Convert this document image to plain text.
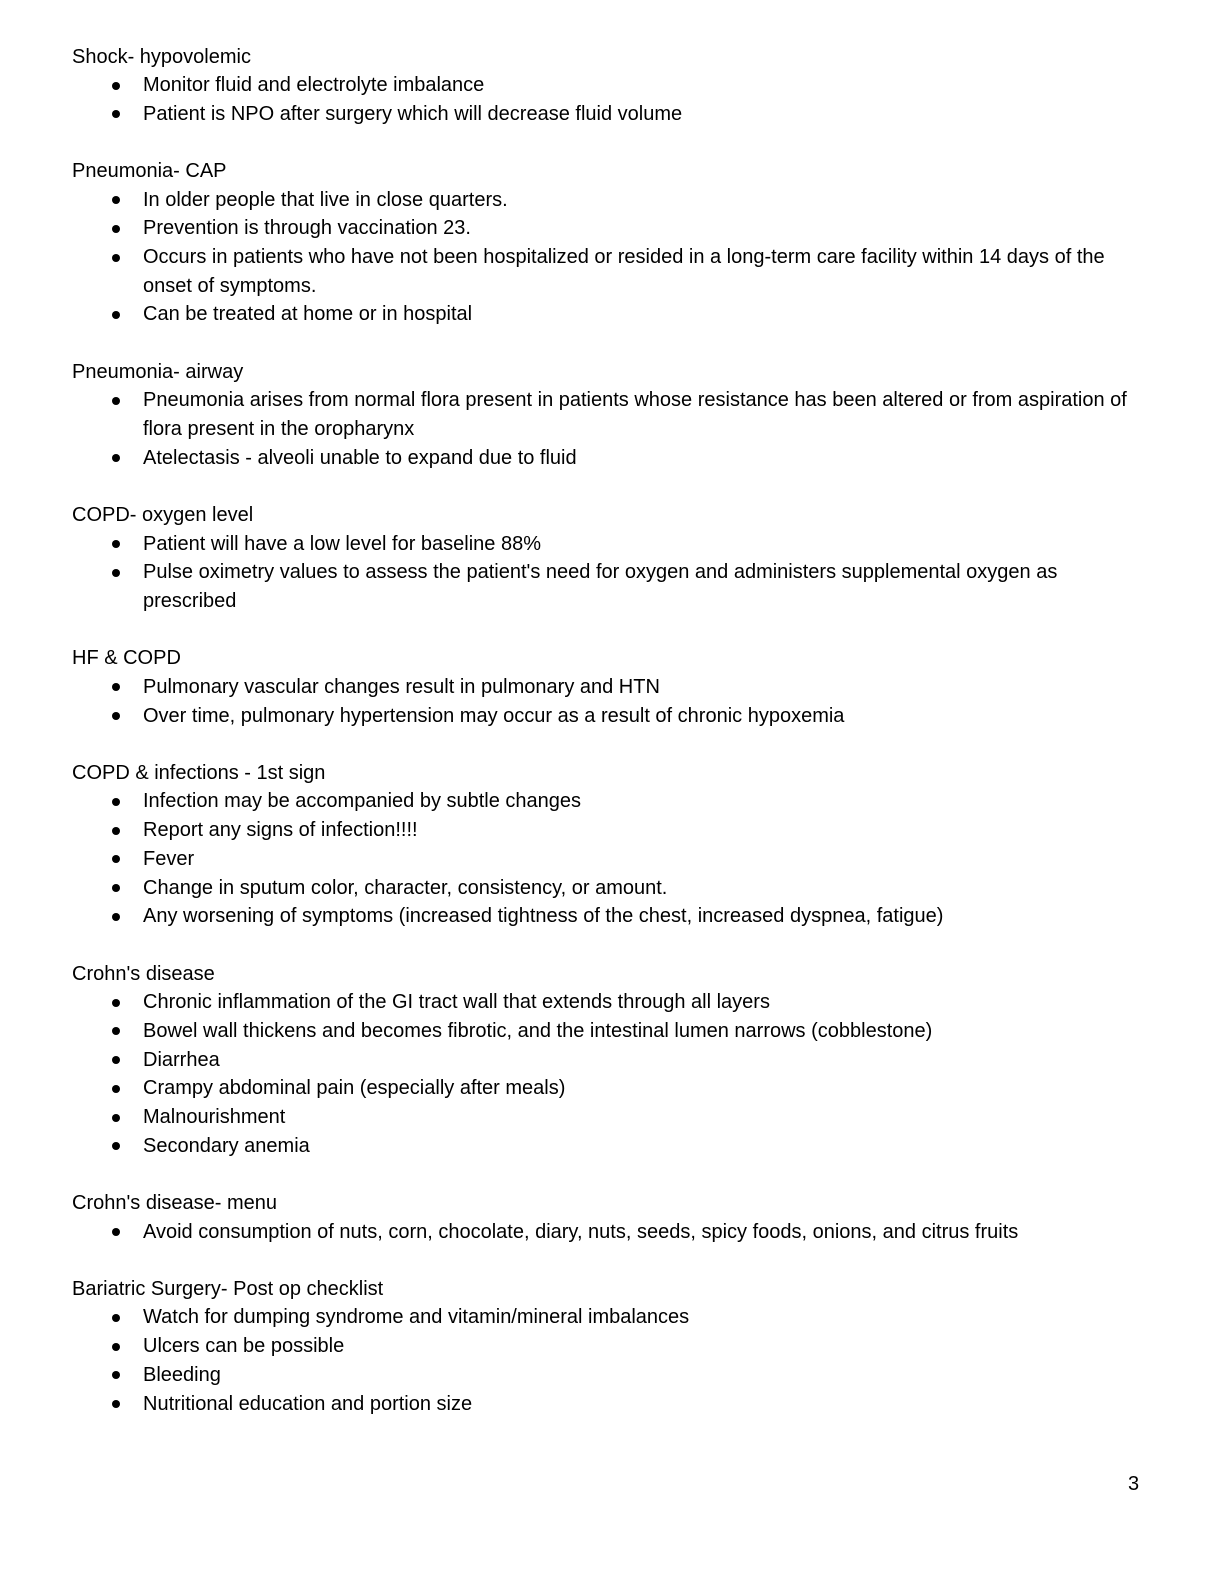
Shock- hypovolemic
Monitor fluid and electrolyte imbalance
Patient is NPO after surgery which will decrease fluid volume
Pneumonia- CAP
In older people that live in close quarters.
Prevention is through vaccination 23.
Occurs in patients who have not been hospitalized or resided in a long-term care facility within 14 days of the onset of symptoms.
Can be treated at home or in hospital
Pneumonia- airway
Pneumonia arises from normal flora present in patients whose resistance has been altered or from aspiration of flora present in the oropharynx
Atelectasis - alveoli unable to expand due to fluid
COPD- oxygen level
Patient will have a low level for baseline 88%
Pulse oximetry values to assess the patient's need for oxygen and administers supplemental oxygen as prescribed
HF & COPD
Pulmonary vascular changes result in pulmonary and HTN
Over time, pulmonary hypertension may occur as a result of chronic hypoxemia
COPD & infections - 1st sign
Infection may be accompanied by subtle changes
Report any signs of infection!!!!
Fever
Change in sputum color, character, consistency, or amount.
Any worsening of symptoms (increased tightness of the chest, increased dyspnea, fatigue)
Crohn's disease
Chronic inflammation of the GI tract wall that extends through all layers
Bowel wall thickens and becomes fibrotic, and the intestinal lumen narrows (cobblestone)
Diarrhea
Crampy abdominal pain (especially after meals)
Malnourishment
Secondary anemia
Crohn's disease- menu
Avoid consumption of nuts, corn, chocolate, diary, nuts, seeds, spicy foods, onions, and citrus fruits
Bariatric Surgery- Post op checklist
Watch for dumping syndrome and vitamin/mineral imbalances
Ulcers can be possible
Bleeding
Nutritional education and portion size
3
